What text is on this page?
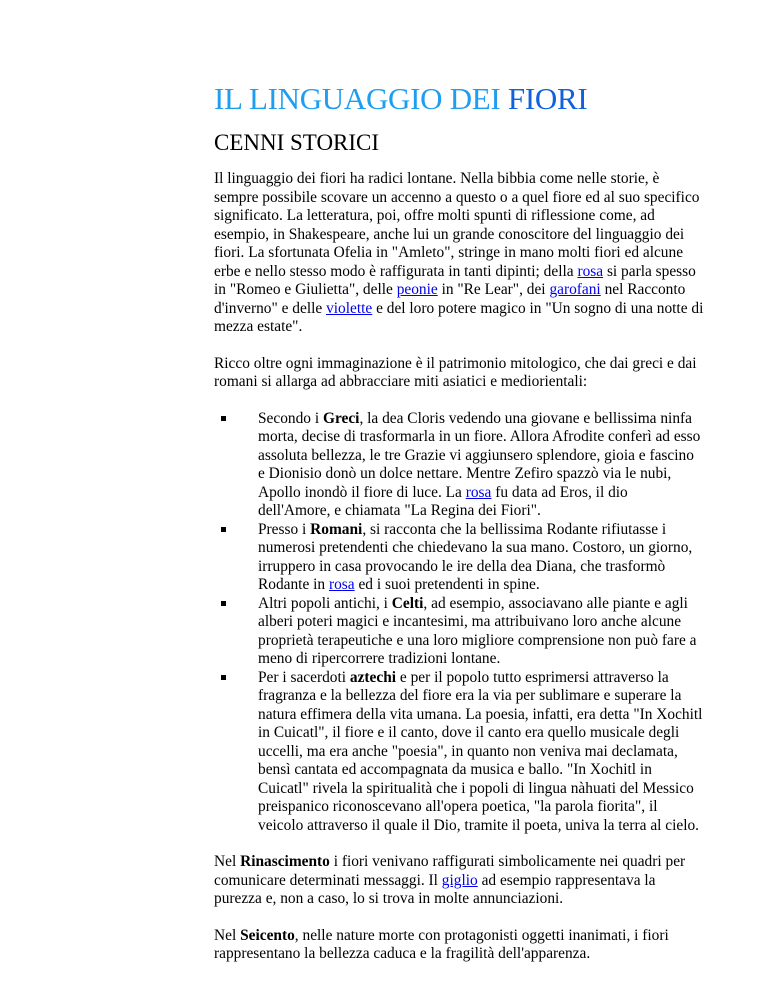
IL LINGUAGGIO DEI FIORI
CENNI STORICI

Il linguaggio dei fiori ha radici lontane. Nella bibbia come nelle storie, è sempre possibile scovare un accenno a questo o a quel fiore ed al suo specifico significato. La letteratura, poi, offre molti spunti di riflessione come, ad esempio, in Shakespeare, anche lui un grande conoscitore del linguaggio dei fiori. La sfortunata Ofelia in "Amleto", stringe in mano molti fiori ed alcune erbe e nello stesso modo è raffigurata in tanti dipinti; della rosa si parla spesso in "Romeo e Giulietta", delle peonie in "Re Lear", dei garofani nel Racconto d'inverno" e delle violette e del loro potere magico in "Un sogno di una notte di mezza estate".

Ricco oltre ogni immaginazione è il patrimonio mitologico, che dai greci e dai romani si allarga ad abbracciare miti asiatici e mediorientali:

Secondo i Greci, la dea Cloris vedendo una giovane e bellissima ninfa morta, decise di trasformarla in un fiore. Allora Afrodite conferì ad esso assoluta bellezza, le tre Grazie vi aggiunsero splendore, gioia e fascino e Dionisio donò un dolce nettare. Mentre Zefiro spazzò via le nubi, Apollo inondò il fiore di luce. La rosa fu data ad Eros, il dio dell'Amore, e chiamata "La Regina dei Fiori".
Presso i Romani, si racconta che la bellissima Rodante rifiutasse i numerosi pretendenti che chiedevano la sua mano. Costoro, un giorno, irruppero in casa provocando le ire della dea Diana, che trasformò Rodante in rosa ed i suoi pretendenti in spine.
Altri popoli antichi, i Celti, ad esempio, associavano alle piante e agli alberi poteri magici e incantesimi, ma attribuivano loro anche alcune proprietà terapeutiche e una loro migliore comprensione non può fare a meno di ripercorrere tradizioni lontane.
Per i sacerdoti aztechi e per il popolo tutto esprimersi attraverso la fragranza e la bellezza del fiore era la via per sublimare e superare la natura effimera della vita umana. La poesia, infatti, era detta "In Xochitl in Cuicatl", il fiore e il canto, dove il canto era quello musicale degli uccelli, ma era anche "poesia", in quanto non veniva mai declamata, bensì cantata ed accompagnata da musica e ballo. "In Xochitl in Cuicatl" rivela la spiritualità che i popoli di lingua nàhuati del Messico preispanico riconoscevano all'opera poetica, "la parola fiorita", il veicolo attraverso il quale il Dio, tramite il poeta, univa la terra al cielo.

Nel Rinascimento i fiori venivano raffigurati simbolicamente nei quadri per comunicare determinati messaggi. Il giglio ad esempio rappresentava la purezza e, non a caso, lo si trova in molte annunciazioni.

Nel Seicento, nelle nature morte con protagonisti oggetti inanimati, i fiori rappresentano la bellezza caduca e la fragilità dell'apparenza.
